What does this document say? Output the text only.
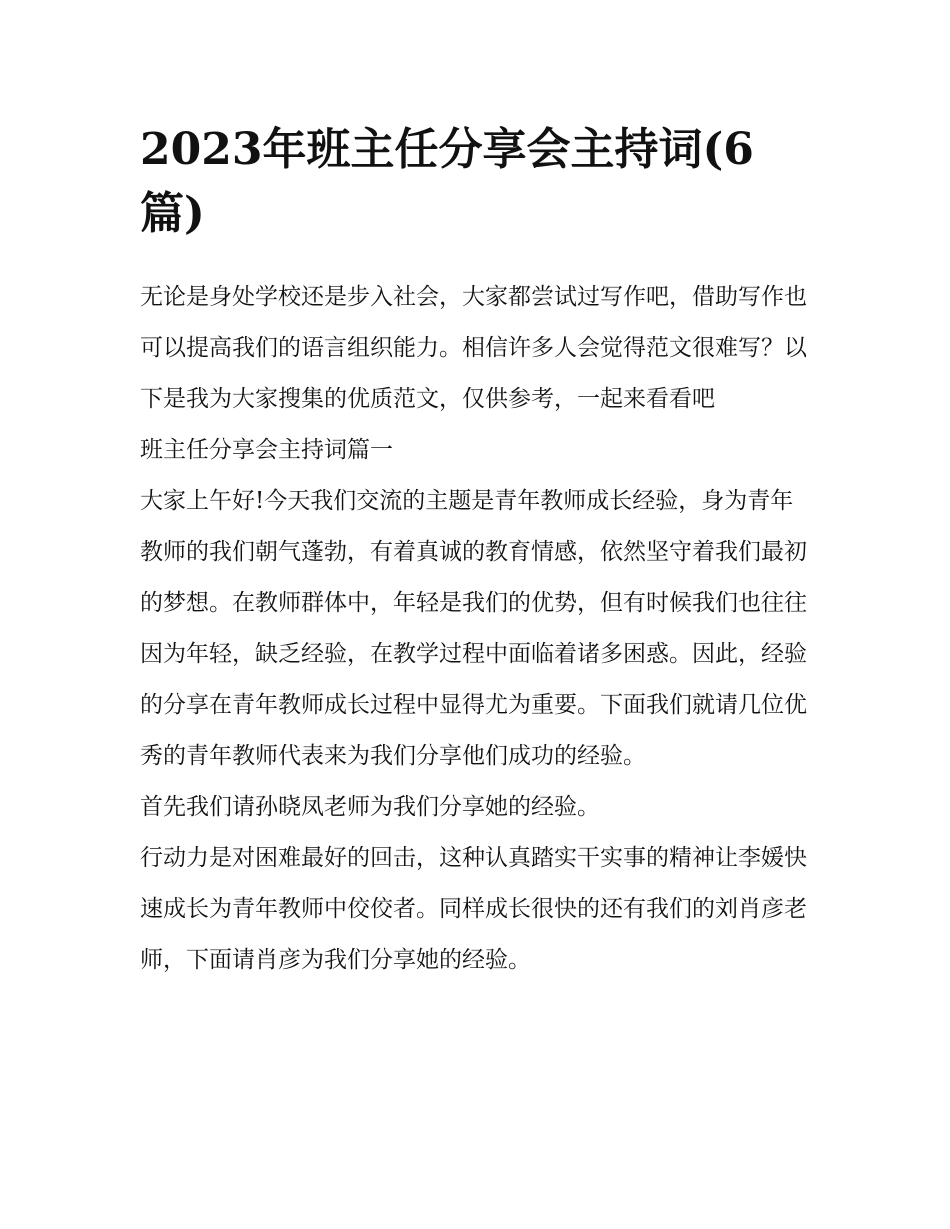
2023年班主任分享会主持词(6篇)

无论是身处学校还是步入社会，大家都尝试过写作吧，借助写作也可以提高我们的语言组织能力。相信许多人会觉得范文很难写？以下是我为大家搜集的优质范文，仅供参考，一起来看看吧

班主任分享会主持词篇一

大家上午好!今天我们交流的主题是青年教师成长经验，身为青年教师的我们朝气蓬勃，有着真诚的教育情感，依然坚守着我们最初的梦想。在教师群体中，年轻是我们的优势，但有时候我们也往往因为年轻，缺乏经验，在教学过程中面临着诸多困惑。因此，经验的分享在青年教师成长过程中显得尤为重要。下面我们就请几位优秀的青年教师代表来为我们分享他们成功的经验。

首先我们请孙晓凤老师为我们分享她的经验。

行动力是对困难最好的回击，这种认真踏实干实事的精神让李媛快速成长为青年教师中佼佼者。同样成长很快的还有我们的刘肖彦老师，下面请肖彦为我们分享她的经验。
